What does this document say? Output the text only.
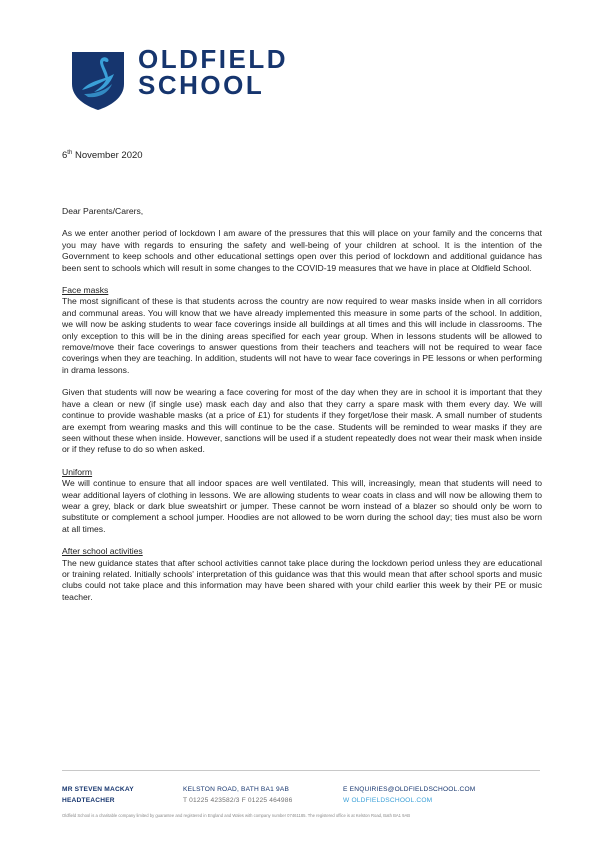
OLDFIELD
SCHOOL
6th November 2020

Dear Parents/Carers,

As we enter another period of lockdown I am aware of the pressures that this will place on your family and the concerns that you may have with regards to ensuring the safety and well-being of your children at school. It is the intention of the Government to keep schools and other educational settings open over this period of lockdown and additional guidance has been sent to schools which will result in some changes to the COVID-19 measures that we have in place at Oldfield School.

Face masks

The most significant of these is that students across the country are now required to wear masks inside when in all corridors and communal areas. You will know that we have already implemented this measure in some parts of the school. In addition, we will now be asking students to wear face coverings inside all buildings at all times and this will include in classrooms. The only exception to this will be in the dining areas specified for each year group. When in lessons students will be allowed to remove/move their face coverings to answer questions from their teachers and teachers will not be required to wear face coverings when they are teaching. In addition, students will not have to wear face coverings in PE lessons or when performing in drama lessons.

Given that students will now be wearing a face covering for most of the day when they are in school it is important that they have a clean or new (if single use) mask each day and also that they carry a spare mask with them every day. We will continue to provide washable masks (at a price of £1) for students if they forget/lose their mask. A small number of students are exempt from wearing masks and this will continue to be the case. Students will be reminded to wear masks if they are seen without these when inside. However, sanctions will be used if a student repeatedly does not wear their mask when inside or if they refuse to do so when asked.

Uniform

We will continue to ensure that all indoor spaces are well ventilated. This will, increasingly, mean that students will need to wear additional layers of clothing in lessons. We are allowing students to wear coats in class and will now be allowing them to wear a grey, black or dark blue sweatshirt or jumper. These cannot be worn instead of a blazer so should only be worn to substitute or complement a school jumper. Hoodies are not allowed to be worn during the school day; ties must also be worn at all times.

After school activities

The new guidance states that after school activities cannot take place during the lockdown period unless they are educational or training related. Initially schools' interpretation of this guidance was that this would mean that after school sports and music clubs could not take place and this information may have been shared with your child earlier this week by their PE or music teacher.

MR STEVEN MACKAY
HEADTEACHER
KELSTON ROAD, BATH BA1 9AB
T 01225 423582/3 F 01225 464986
E ENQUIRIES@OLDFIELDSCHOOL.COM
W OLDFIELDSCHOOL.COM
Oldfield School is a charitable company limited by guarantee and registered in England and Wales with company number 07461185. The registered office is at Kelston Road, Bath BA1 9AB
